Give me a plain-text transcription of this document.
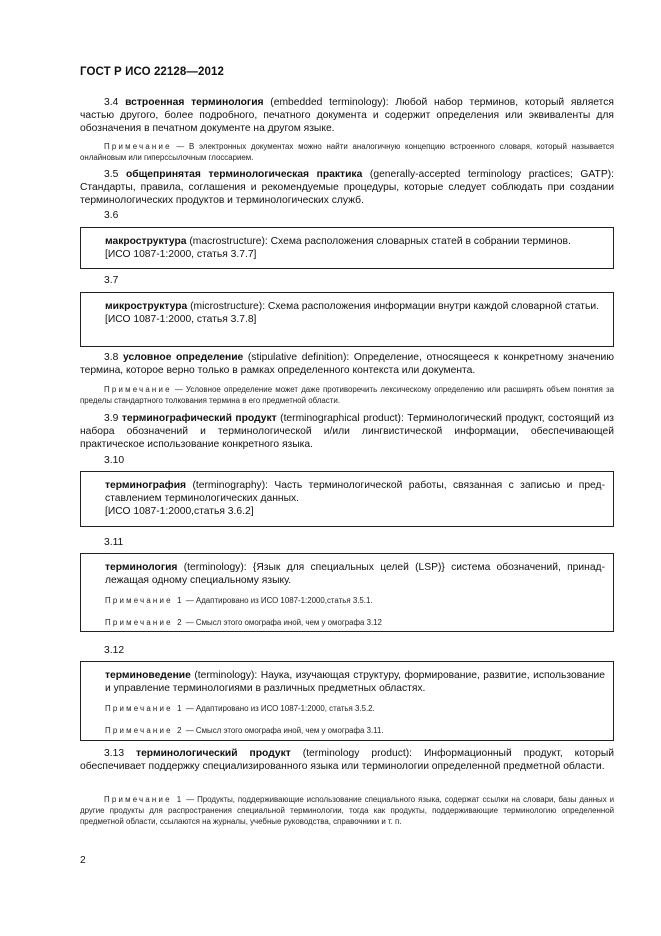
ГОСТ Р ИСО 22128—2012
3.4 встроенная терминология (embedded terminology): Любой набор терминов, который является частью другого, более подробного, печатного документа и содержит определения или эквиваленты для обозначения в печатном документе на другом языке.
Примечание — В электронных документах можно найти аналогичную концепцию встроенного словаря, который называется онлайновым или гиперссылочным глоссарием.
3.5 общепринятая терминологическая практика (generally-accepted terminology practices; GATP): Стандарты, правила, соглашения и рекомендуемые процедуры, которые следует соблюдать при создании терминологических продуктов и терминологических служб.
3.6
макроструктура (macrostructure): Схема расположения словарных статей в собрании терминов.
[ИСО 1087-1:2000, статья 3.7.7]
3.7
микроструктура (microstructure): Схема расположения информации внутри каждой словарной статьи.
[ИСО 1087-1:2000, статья 3.7.8]
3.8 условное определение (stipulative definition): Определение, относящееся к конкретному значению термина, которое верно только в рамках определенного контекста или документа.
Примечание — Условное определение может даже противоречить лексическому определению или расширять объем понятия за пределы стандартного толкования термина в его предметной области.
3.9 терминографический продукт (terminographical product): Терминологический продукт, состоящий из набора обозначений и терминологической и/или лингвистической информации, обеспечивающей практическое использование конкретного языка.
3.10
терминография (terminography): Часть терминологической работы, связанная с записью и представлением терминологических данных.
[ИСО 1087-1:2000,статья 3.6.2]
3.11
терминология (terminology): {Язык для специальных целей (LSP)} система обозначений, принадлежащая одному специальному языку.
Примечание 1 — Адаптировано из ИСО 1087-1:2000,статья 3.5.1.
Примечание 2 — Смысл этого омографа иной, чем у омографа 3.12
3.12
терминоведение (terminology): Наука, изучающая структуру, формирование, развитие, использование и управление терминологиями в различных предметных областях.
Примечание 1 — Адаптировано из ИСО 1087-1:2000, статья 3.5.2.
Примечание 2 — Смысл этого омографа иной, чем у омографа 3.11.
3.13 терминологический продукт (terminology product): Информационный продукт, который обеспечивает поддержку специализированного языка или терминологии определенной предметной области.
Примечание 1 — Продукты, поддерживающие использование специального языка, содержат ссылки на словари, базы данных и другие продукты для распространения специальной терминологии, тогда как продукты, поддерживающие терминологию определенной предметной области, ссылаются на журналы, учебные руководства, справочники и т. п.
2
